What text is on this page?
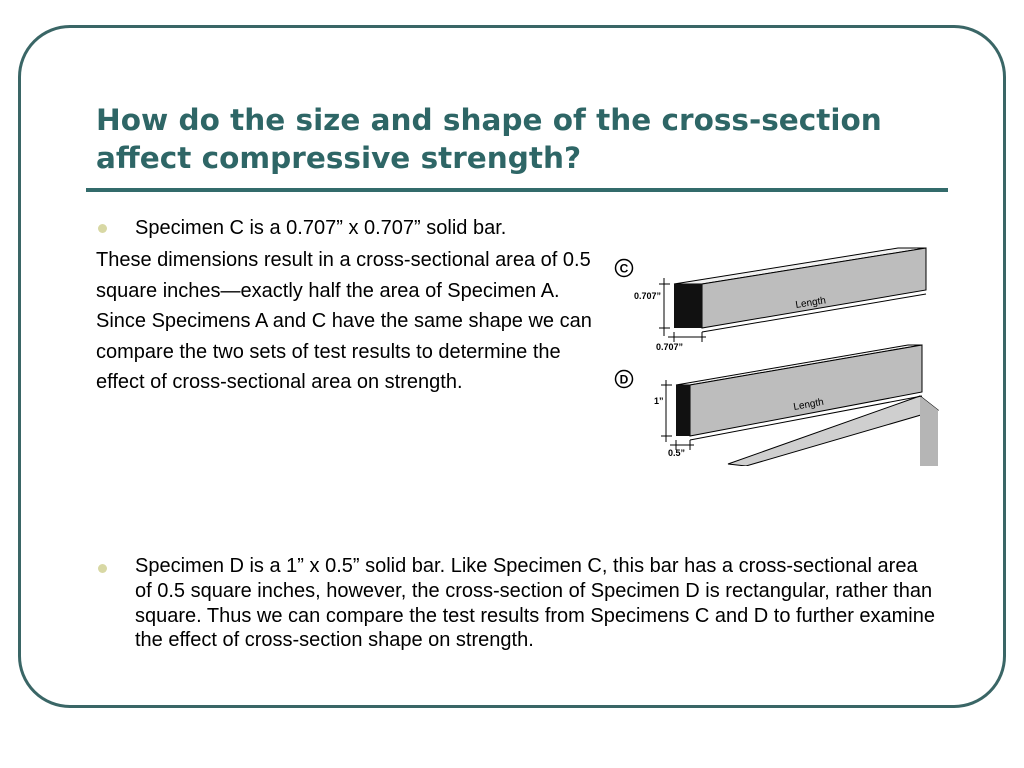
How do the size and shape of the cross-section affect compressive strength?
Specimen C is a 0.707” x 0.707” solid bar.

These dimensions result in a cross-sectional area of 0.5 square inches—exactly half the area of Specimen A. Since Specimens A and C have the same shape we can compare the two sets of test results to determine the effect of cross-sectional area on strength.

C
D
0.707”
0.707”
Length
1”
0.5”
Length

Specimen D is a 1” x 0.5” solid bar. Like Specimen C, this bar has a cross-sectional area of 0.5 square inches, however, the cross-section of Specimen D is rectangular, rather than square. Thus we can compare the test results from Specimens C and D to further examine the effect of cross-section shape on strength.
